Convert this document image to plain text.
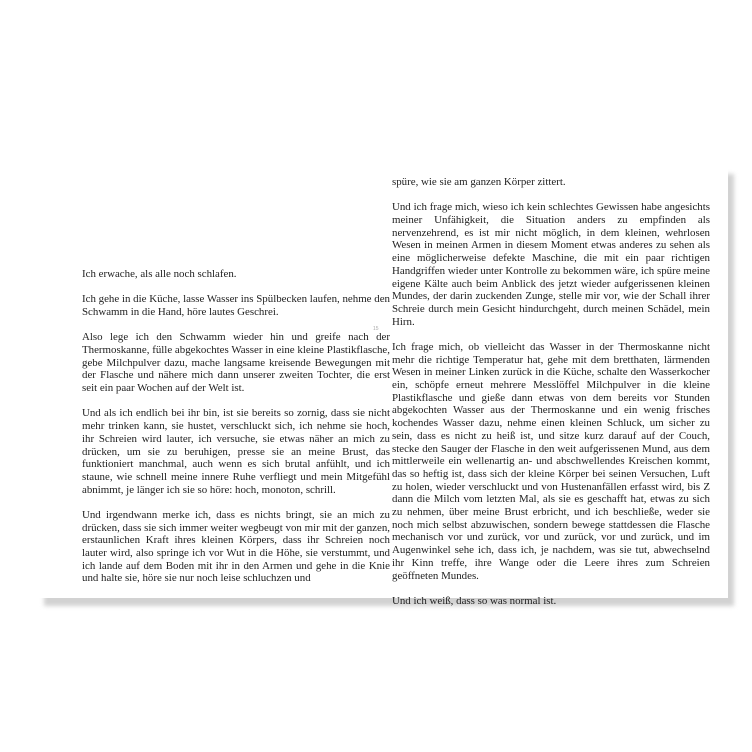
Ich erwache, als alle noch schlafen.

Ich gehe in die Küche, lasse Wasser ins Spülbecken laufen, nehme den Schwamm in die Hand, höre lautes Geschrei.

Also lege ich den Schwamm wieder hin und greife nach der Thermoskanne, fülle abgekochtes Wasser in eine kleine Plastikflasche, gebe Milchpulver dazu, mache langsame kreisende Bewegungen mit der Flasche und nähere mich dann unserer zweiten Tochter, die erst seit ein paar Wochen auf der Welt ist.

Und als ich endlich bei ihr bin, ist sie bereits so zornig, dass sie nicht mehr trinken kann, sie hustet, verschluckt sich, ich nehme sie hoch, ihr Schreien wird lauter, ich versuche, sie etwas näher an mich zu drücken, um sie zu beruhigen, presse sie an meine Brust, das funktioniert manchmal, auch wenn es sich brutal anfühlt, und ich staune, wie schnell meine innere Ruhe verfliegt und mein Mitgefühl abnimmt, je länger ich sie so höre: hoch, monoton, schrill.

Und irgendwann merke ich, dass es nichts bringt, sie an mich zu drücken, dass sie sich immer weiter wegbeugt von mir mit der ganzen, erstaunlichen Kraft ihres kleinen Körpers, dass ihr Schreien noch lauter wird, also springe ich vor Wut in die Höhe, sie verstummt, und ich lande auf dem Boden mit ihr in den Armen und gehe in die Knie und halte sie, höre sie nur noch leise schluchzen und

15

spüre, wie sie am ganzen Körper zittert.

Und ich frage mich, wieso ich kein schlechtes Gewissen habe angesichts meiner Unfähigkeit, die Situation anders zu empfinden als nervenzehrend, es ist mir nicht möglich, in dem kleinen, wehrlosen Wesen in meinen Armen in diesem Moment etwas anderes zu sehen als eine möglicherweise defekte Maschine, die mit ein paar richtigen Handgriffen wieder unter Kontrolle zu bekommen wäre, ich spüre meine eigene Kälte auch beim Anblick des jetzt wieder aufgerissenen kleinen Mundes, der darin zuckenden Zunge, stelle mir vor, wie der Schall ihrer Schreie durch mein Gesicht hindurchgeht, durch meinen Schädel, mein Hirn.

Ich frage mich, ob vielleicht das Wasser in der Thermoskanne nicht mehr die richtige Temperatur hat, gehe mit dem bretthaten, lärmenden Wesen in meiner Linken zurück in die Küche, schalte den Wasserkocher ein, schöpfe erneut mehrere Messlöffel Milchpulver in die kleine Plastikflasche und gieße dann etwas von dem bereits vor Stunden abgekochten Wasser aus der Thermoskanne und ein wenig frisches kochendes Wasser dazu, nehme einen kleinen Schluck, um sicher zu sein, dass es nicht zu heiß ist, und sitze kurz darauf auf der Couch, stecke den Sauger der Flasche in den weit aufgerissenen Mund, aus dem mittlerweile ein wellenartig an- und abschwellendes Kreischen kommt, das so heftig ist, dass sich der kleine Körper bei seinen Versuchen, Luft zu holen, wieder verschluckt und von Hustenanfällen erfasst wird, bis Z dann die Milch vom letzten Mal, als sie es geschafft hat, etwas zu sich zu nehmen, über meine Brust erbricht, und ich beschließe, weder sie noch mich selbst abzuwischen, sondern bewege stattdessen die Flasche mechanisch vor und zurück, vor und zurück, vor und zurück, und im Augenwinkel sehe ich, dass ich, je nachdem, was sie tut, abwechselnd ihr Kinn treffe, ihre Wange oder die Leere ihres zum Schreien geöffneten Mundes.

Und ich weiß, dass so was normal ist.
